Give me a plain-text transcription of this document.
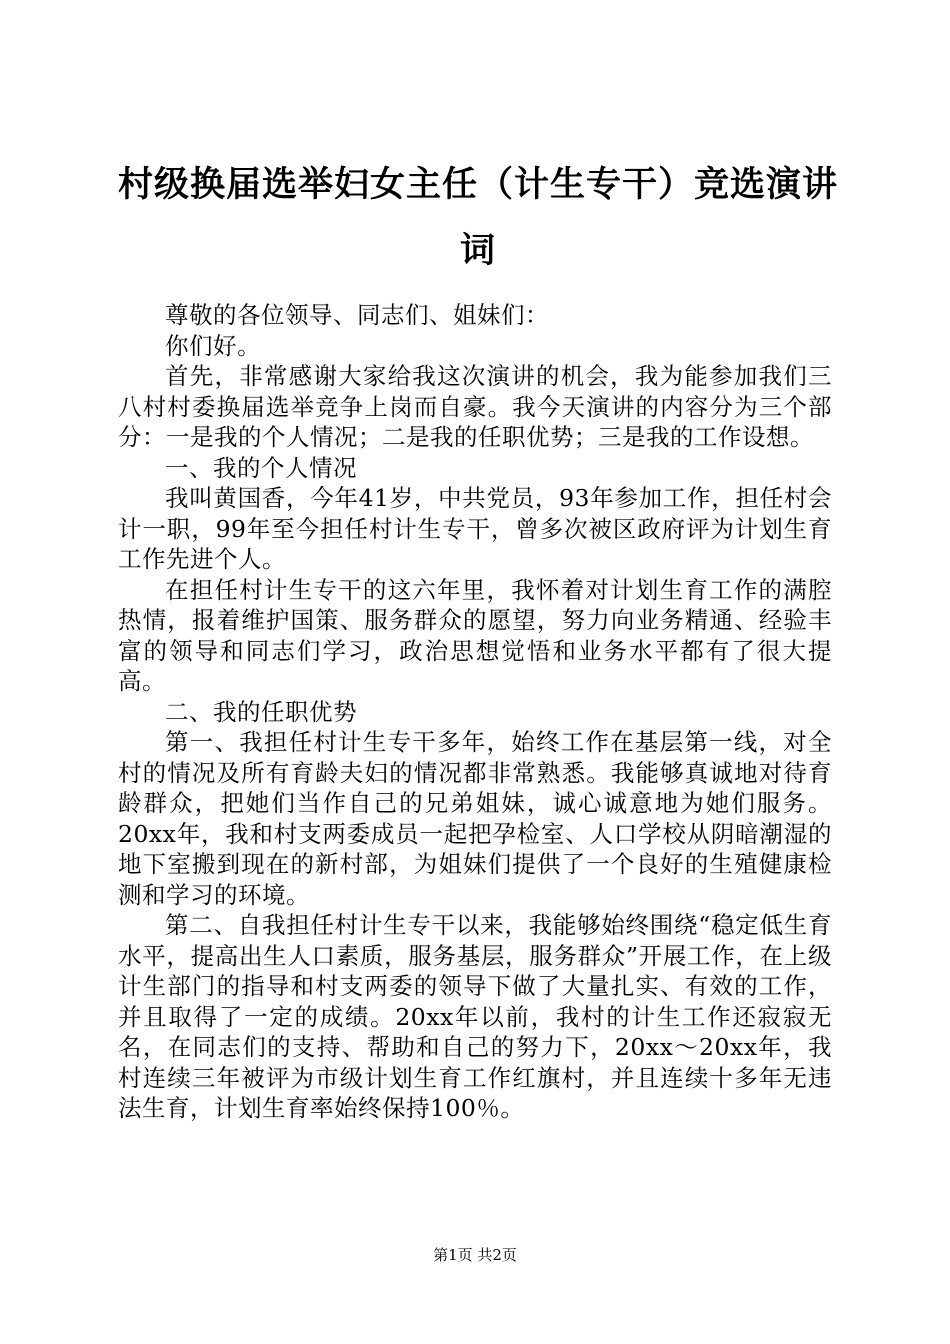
村级换届选举妇女主任（计生专干）竞选演讲词

尊敬的各位领导、同志们、姐妹们：

你们好。

首先，非常感谢大家给我这次演讲的机会，我为能参加我们三八村村委换届选举竞争上岗而自豪。我今天演讲的内容分为三个部分：一是我的个人情况；二是我的任职优势；三是我的工作设想。

一、我的个人情况

我叫黄国香，今年41岁，中共党员，93年参加工作，担任村会计一职，99年至今担任村计生专干，曾多次被区政府评为计划生育工作先进个人。

在担任村计生专干的这六年里，我怀着对计划生育工作的满腔热情，报着维护国策、服务群众的愿望，努力向业务精通、经验丰富的领导和同志们学习，政治思想觉悟和业务水平都有了很大提高。

二、我的任职优势

第一、我担任村计生专干多年，始终工作在基层第一线，对全村的情况及所有育龄夫妇的情况都非常熟悉。我能够真诚地对待育龄群众，把她们当作自己的兄弟姐妹，诚心诚意地为她们服务。20xx年，我和村支两委成员一起把孕检室、人口学校从阴暗潮湿的地下室搬到现在的新村部，为姐妹们提供了一个良好的生殖健康检测和学习的环境。

第二、自我担任村计生专干以来，我能够始终围绕“稳定低生育水平，提高出生人口素质，服务基层，服务群众”开展工作，在上级计生部门的指导和村支两委的领导下做了大量扎实、有效的工作，并且取得了一定的成绩。20xx年以前，我村的计生工作还寂寂无名，在同志们的支持、帮助和自己的努力下，20xx～20xx年，我村连续三年被评为市级计划生育工作红旗村，并且连续十多年无违法生育，计划生育率始终保持100％。

第1页 共2页
